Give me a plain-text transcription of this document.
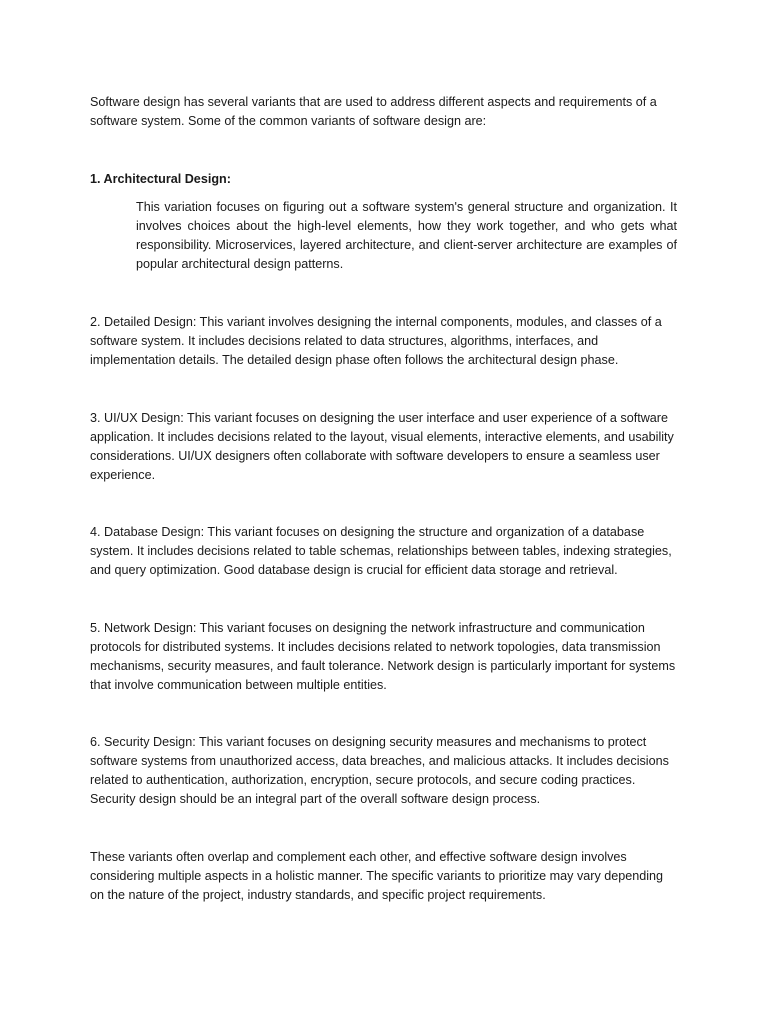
Software design has several variants that are used to address different aspects and requirements of a software system. Some of the common variants of software design are:

1. Architectural Design:

This variation focuses on figuring out a software system's general structure and organization. It involves choices about the high-level elements, how they work together, and who gets what responsibility. Microservices, layered architecture, and client-server architecture are examples of popular architectural design patterns.

2. Detailed Design: This variant involves designing the internal components, modules, and classes of a software system. It includes decisions related to data structures, algorithms, interfaces, and implementation details. The detailed design phase often follows the architectural design phase.

3. UI/UX Design: This variant focuses on designing the user interface and user experience of a software application. It includes decisions related to the layout, visual elements, interactive elements, and usability considerations. UI/UX designers often collaborate with software developers to ensure a seamless user experience.

4. Database Design: This variant focuses on designing the structure and organization of a database system. It includes decisions related to table schemas, relationships between tables, indexing strategies, and query optimization. Good database design is crucial for efficient data storage and retrieval.

5. Network Design: This variant focuses on designing the network infrastructure and communication protocols for distributed systems. It includes decisions related to network topologies, data transmission mechanisms, security measures, and fault tolerance. Network design is particularly important for systems that involve communication between multiple entities.

6. Security Design: This variant focuses on designing security measures and mechanisms to protect software systems from unauthorized access, data breaches, and malicious attacks. It includes decisions related to authentication, authorization, encryption, secure protocols, and secure coding practices. Security design should be an integral part of the overall software design process.

These variants often overlap and complement each other, and effective software design involves considering multiple aspects in a holistic manner. The specific variants to prioritize may vary depending on the nature of the project, industry standards, and specific project requirements.
